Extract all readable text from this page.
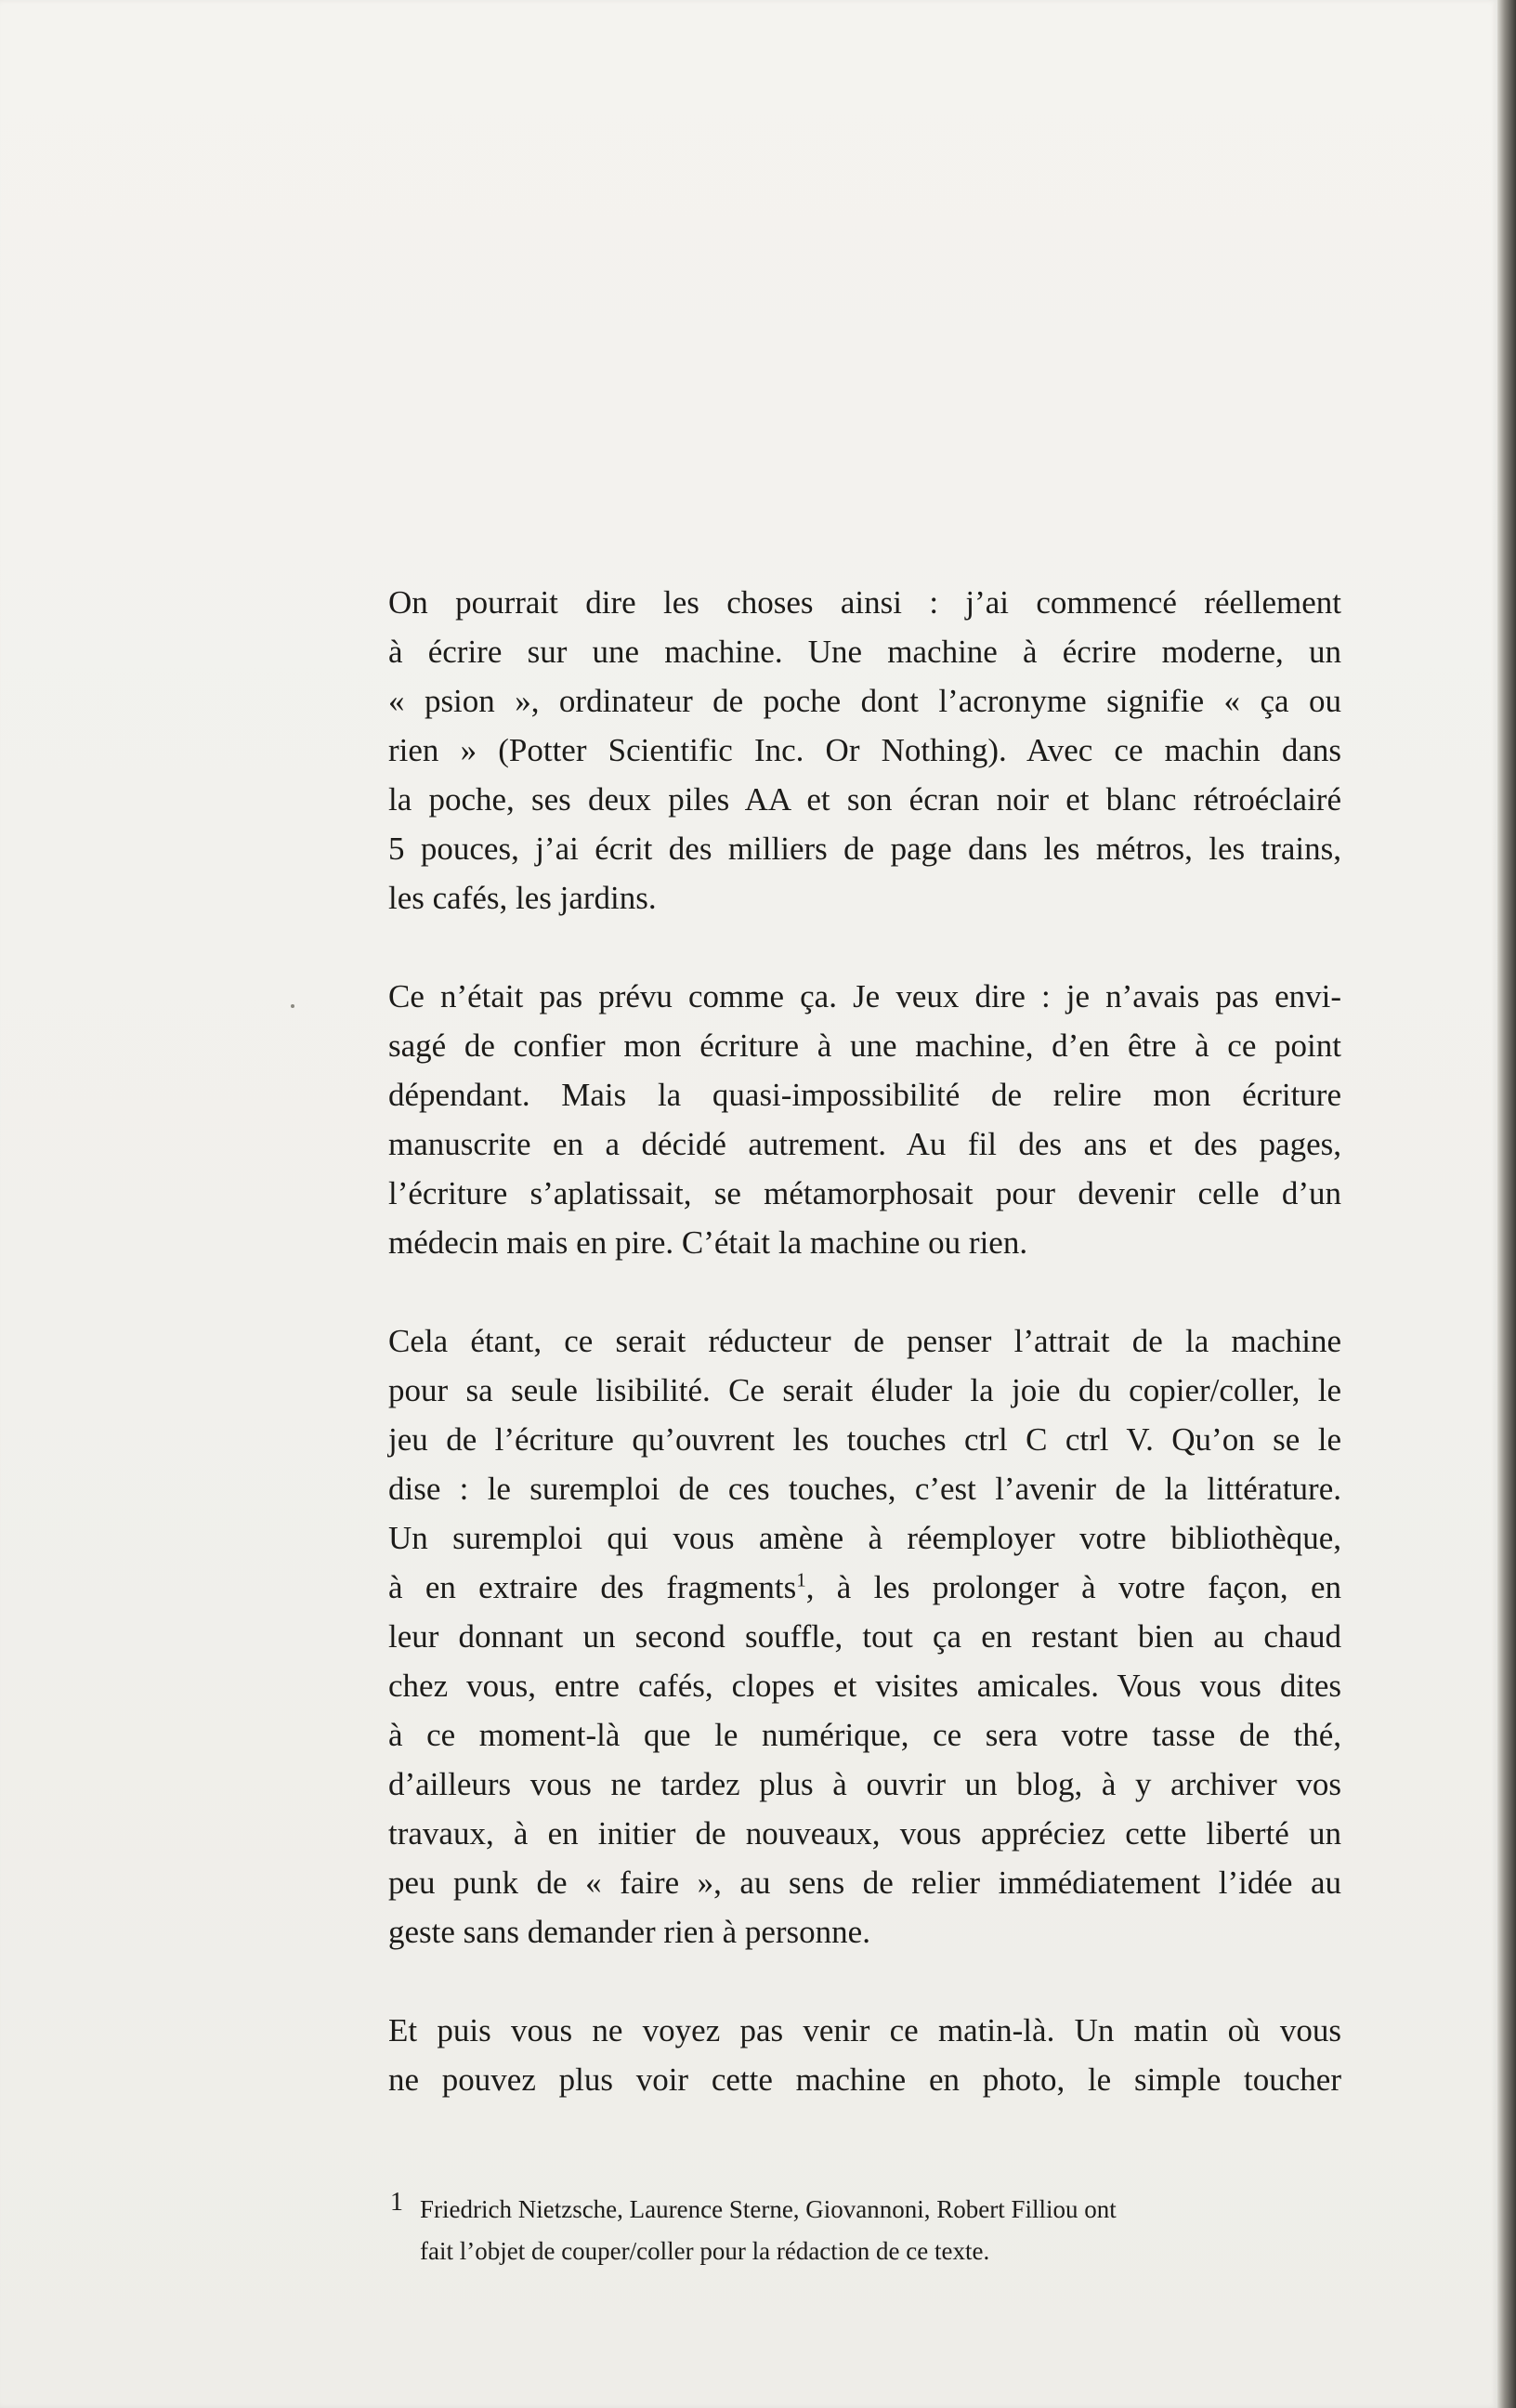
On pourrait dire les choses ainsi : j’ai commencé réellement
à écrire sur une machine. Une machine à écrire moderne, un
« psion », ordinateur de poche dont l’acronyme signifie « ça ou
rien » (Potter Scientific Inc. Or Nothing). Avec ce machin dans
la poche, ses deux piles AA et son écran noir et blanc rétroéclairé
5 pouces, j’ai écrit des milliers de page dans les métros, les trains,
les cafés, les jardins.

Ce n’était pas prévu comme ça. Je veux dire : je n’avais pas envi-
sagé de confier mon écriture à une machine, d’en être à ce point
dépendant. Mais la quasi-impossibilité de relire mon écriture
manuscrite en a décidé autrement. Au fil des ans et des pages,
l’écriture s’aplatissait, se métamorphosait pour devenir celle d’un
médecin mais en pire. C’était la machine ou rien.

Cela étant, ce serait réducteur de penser l’attrait de la machine
pour sa seule lisibilité. Ce serait éluder la joie du copier/coller, le
jeu de l’écriture qu’ouvrent les touches ctrl C ctrl V. Qu’on se le
dise : le suremploi de ces touches, c’est l’avenir de la littérature.
Un suremploi qui vous amène à réemployer votre bibliothèque,
à en extraire des fragments$^1$, à les prolonger à votre façon, en
leur donnant un second souffle, tout ça en restant bien au chaud
chez vous, entre cafés, clopes et visites amicales. Vous vous dites
à ce moment-là que le numérique, ce sera votre tasse de thé,
d’ailleurs vous ne tardez plus à ouvrir un blog, à y archiver vos
travaux, à en initier de nouveaux, vous appréciez cette liberté un
peu punk de « faire », au sens de relier immédiatement l’idée au
geste sans demander rien à personne.

Et puis vous ne voyez pas venir ce matin-là. Un matin où vous
ne pouvez plus voir cette machine en photo, le simple toucher

1 Friedrich Nietzsche, Laurence Sterne, Giovannoni, Robert Filliou ont
fait l’objet de couper/coller pour la rédaction de ce texte.
